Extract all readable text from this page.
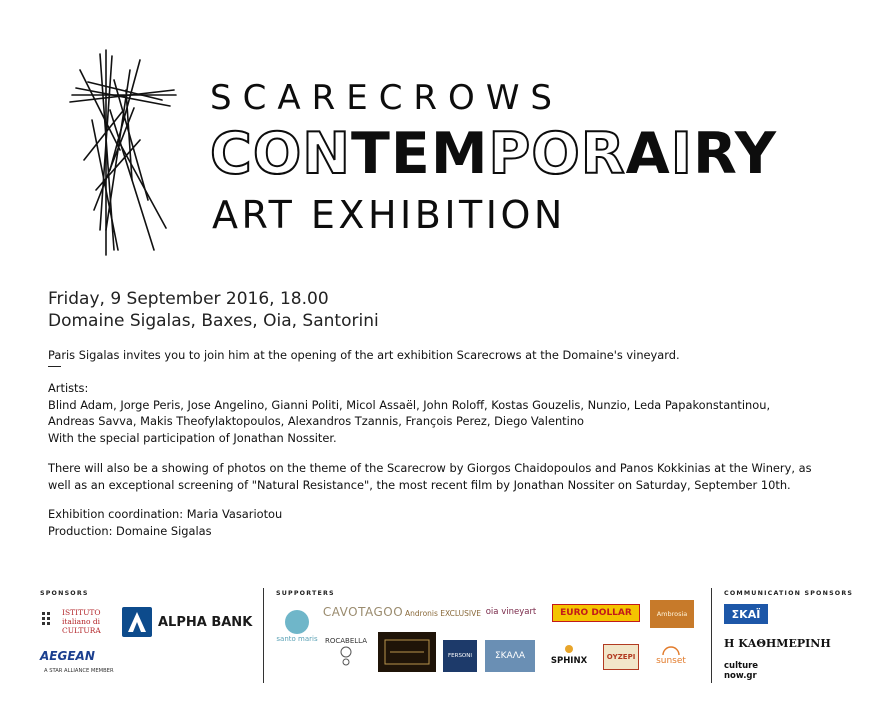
SCARECROWS
CONTEMPORAIRY
ART EXHIBITION
Friday, 9 September 2016, 18.00
Domaine Sigalas, Baxes, Oia, Santorini
Paris Sigalas invites you to join him at the opening of the art exhibition Scarecrows at the Domaine's vineyard.
Artists:
Blind Adam, Jorge Peris, Jose Angelino, Gianni Politi, Micol Assaël, John Roloff, Kostas Gouzelis, Nunzio, Leda Papakonstantinou,
Andreas Savva, Makis Theofylaktopoulos, Alexandros Tzannis, François Perez, Diego Valentino
With the special participation of Jonathan Nossiter.
There will also be a showing of photos on the theme of the Scarecrow by Giorgos Chaidopoulos and Panos Kokkinias at the Winery, as
well as an exceptional screening of "Natural Resistance", the most recent film by Jonathan Nossiter on Saturday, September 10th.
Exhibition coordination: Maria Vasariotou
Production: Domaine Sigalas
SPONSORS	SUPPORTERS	COMMUNICATION SPONSORS
ISTITUTO italiano di CULTURA
ALPHA BANK
AEGEAN
A STAR ALLIANCE MEMBER
santo maris
CAVOTAGOO Andronis EXCLUSIVE oia vineyart	EURO DOLLAR	Ambrosia
ROCABELLA
FERSONI	ΣΚΑΛΑ	SPHINX	ΟΥΖΕΡΙ sunset
ΣΚΑΪ
Η ΚΑΘΗΜΕΡΙΝΗ
culture
now.gr
